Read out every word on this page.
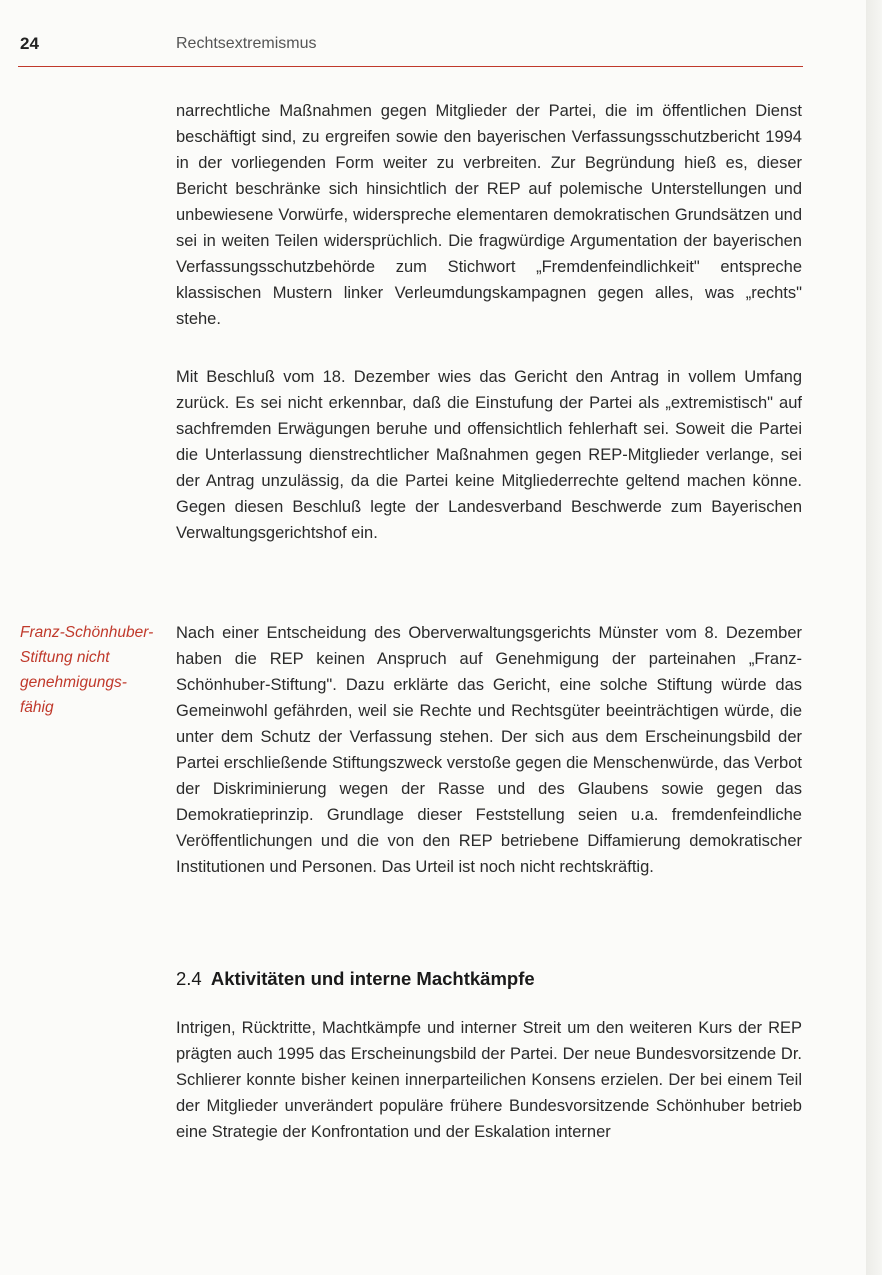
24	Rechtsextremismus

narrechtliche Maßnahmen gegen Mitglieder der Partei, die im öffentlichen Dienst beschäftigt sind, zu ergreifen sowie den bayerischen Verfassungsschutzbericht 1994 in der vorliegenden Form weiter zu verbreiten. Zur Begründung hieß es, dieser Bericht beschränke sich hinsichtlich der REP auf polemische Unterstellungen und unbewiesene Vorwürfe, widerspreche elementaren demokratischen Grundsätzen und sei in weiten Teilen widersprüchlich. Die fragwürdige Argumentation der bayerischen Verfassungsschutzbehörde zum Stichwort „Fremdenfeindlichkeit" entspreche klassischen Mustern linker Verleumdungskampagnen gegen alles, was „rechts" stehe.

Mit Beschluß vom 18. Dezember wies das Gericht den Antrag in vollem Umfang zurück. Es sei nicht erkennbar, daß die Einstufung der Partei als „extremistisch" auf sachfremden Erwägungen beruhe und offensichtlich fehlerhaft sei. Soweit die Partei die Unterlassung dienstrechtlicher Maßnahmen gegen REP-Mitglieder verlange, sei der Antrag unzulässig, da die Partei keine Mitgliederrechte geltend machen könne. Gegen diesen Beschluß legte der Landesverband Beschwerde zum Bayerischen Verwaltungsgerichtshof ein.

Franz-Schönhuber-
Stiftung nicht
genehmigungs-
fähig

Nach einer Entscheidung des Oberverwaltungsgerichts Münster vom 8. Dezember haben die REP keinen Anspruch auf Genehmigung der parteinahen „Franz-Schönhuber-Stiftung". Dazu erklärte das Gericht, eine solche Stiftung würde das Gemeinwohl gefährden, weil sie Rechte und Rechtsgüter beeinträchtigen würde, die unter dem Schutz der Verfassung stehen. Der sich aus dem Erscheinungsbild der Partei erschließende Stiftungszweck verstoße gegen die Menschenwürde, das Verbot der Diskriminierung wegen der Rasse und des Glaubens sowie gegen das Demokratieprinzip. Grundlage dieser Feststellung seien u.a. fremdenfeindliche Veröffentlichungen und die von den REP betriebene Diffamierung demokratischer Institutionen und Personen. Das Urteil ist noch nicht rechtskräftig.

2.4 Aktivitäten und interne Machtkämpfe

Intrigen, Rücktritte, Machtkämpfe und interner Streit um den weiteren Kurs der REP prägten auch 1995 das Erscheinungsbild der Partei. Der neue Bundesvorsitzende Dr. Schlierer konnte bisher keinen innerparteilichen Konsens erzielen. Der bei einem Teil der Mitglieder unverändert populäre frühere Bundesvorsitzende Schönhuber betrieb eine Strategie der Konfrontation und der Eskalation interner
